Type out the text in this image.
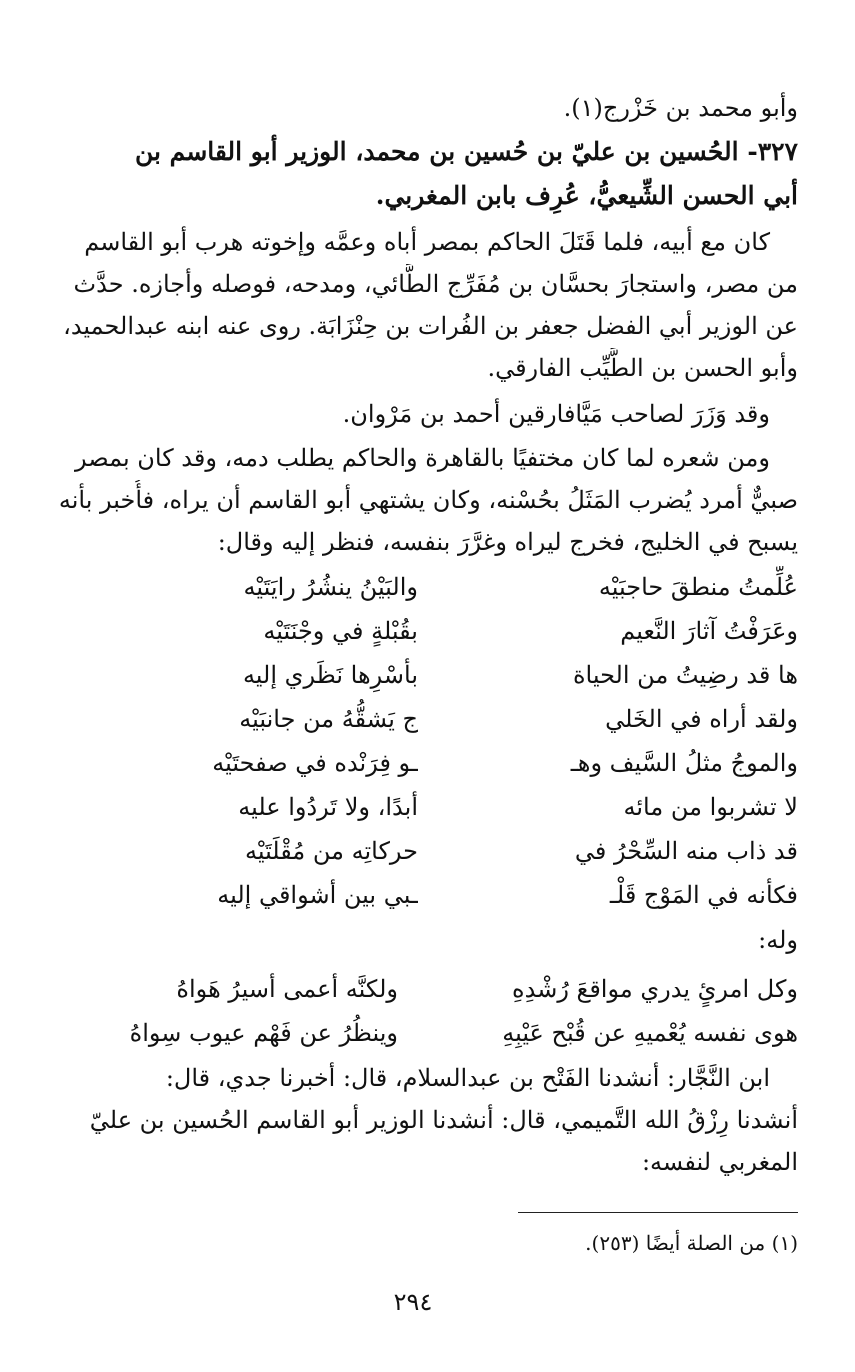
وأبو محمد بن خَزْرج(١).
٣٢٧- الحُسين بن عليّ بن حُسين بن محمد، الوزير أبو القاسم بن
أبي الحسن الشِّيعيُّ، عُرِف بابن المغربي.
كان مع أبيه، فلما قَتَلَ الحاكم بمصر أباه وعمَّه وإخوته هرب أبو القاسم
من مصر، واستجارَ بحسَّان بن مُفَرِّج الطَّائي، ومدحه، فوصله وأجازه. حدَّث
عن الوزير أبي الفضل جعفر بن الفُرات بن حِنْزَابَة. روى عنه ابنه عبدالحميد،
وأبو الحسن بن الطَّيِّب الفارقي.
وقد وَزَرَ لصاحب مَيَّافارقين أحمد بن مَرْوان.
ومن شعره لما كان مختفيًا بالقاهرة والحاكم يطلب دمه، وقد كان بمصر
صبيٌّ أمرد يُضرب المَثَلُ بحُسْنه، وكان يشتهي أبو القاسم أن يراه، فأُخبر بأنه
يسبح في الخليج، فخرج ليراه وغرَّرَ بنفسه، فنظر إليه وقال:
عُلِّمتُ منطقَ حاجبَيْه
والبَيْنُ ينشُرُ رايَتَيْه
وعَرَفْتُ آثارَ النَّعيم
بقُبْلةٍ في وجْنَتَيْه
ها قد رضِيتُ من الحياة
بأسْرِها نَظَري إليه
ولقد أراه في الخَلي
ج يَشقُّهُ من جانبَيْه
والموجُ مثلُ السَّيف وهـ
ـو فِرَنْده في صفحتَيْه
لا تشربوا من مائه
أبدًا، ولا تَردُوا عليه
قد ذاب منه السِّحْرُ في
حركاتِه من مُقْلَتَيْه
فكأنه في المَوْج قَلْـ
ـبي بين أشواقي إليه
وله:
وكل امرئٍ يدري مواقعَ رُشْدِهِ
ولكنَّه أعمى أسيرُ هَواهُ
هوى نفسه يُعْميهِ عن قُبْح عَيْبِهِ
وينظُرُ عن فَهْم عيوب سِواهُ
ابن النَّجَّار: أنشدنا الفَتْح بن عبدالسلام، قال: أخبرنا جدي، قال:
أنشدنا رِزْقُ الله التَّميمي، قال: أنشدنا الوزير أبو القاسم الحُسين بن عليّ
المغربي لنفسه:
(١) من الصلة أيضًا (٢٥٣).
٢٩٤
